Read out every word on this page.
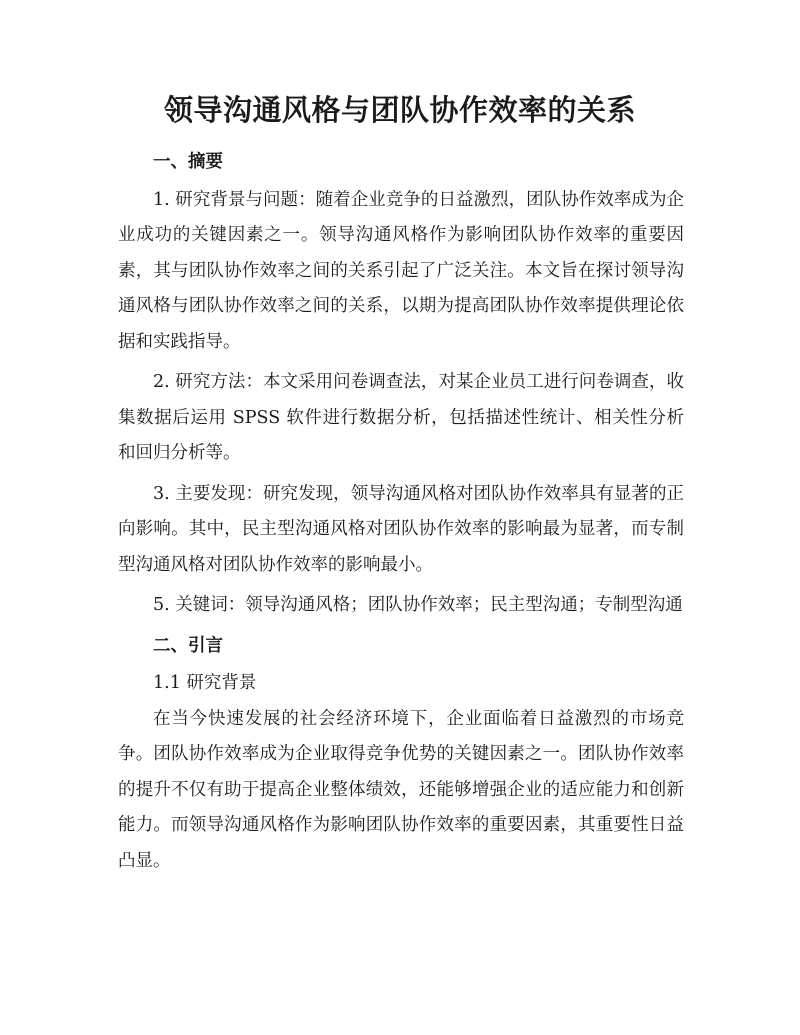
领导沟通风格与团队协作效率的关系
一、摘要

1. 研究背景与问题：随着企业竞争的日益激烈，团队协作效率成为企业成功的关键因素之一。领导沟通风格作为影响团队协作效率的重要因素，其与团队协作效率之间的关系引起了广泛关注。本文旨在探讨领导沟通风格与团队协作效率之间的关系，以期为提高团队协作效率提供理论依据和实践指导。

2. 研究方法：本文采用问卷调查法，对某企业员工进行问卷调查，收集数据后运用 SPSS 软件进行数据分析，包括描述性统计、相关性分析和回归分析等。

3. 主要发现：研究发现，领导沟通风格对团队协作效率具有显著的正向影响。其中，民主型沟通风格对团队协作效率的影响最为显著，而专制型沟通风格对团队协作效率的影响最小。

5. 关键词：领导沟通风格；团队协作效率；民主型沟通；专制型沟通

二、引言
1.1 研究背景

在当今快速发展的社会经济环境下，企业面临着日益激烈的市场竞争。团队协作效率成为企业取得竞争优势的关键因素之一。团队协作效率的提升不仅有助于提高企业整体绩效，还能够增强企业的适应能力和创新能力。而领导沟通风格作为影响团队协作效率的重要因素，其重要性日益凸显。
